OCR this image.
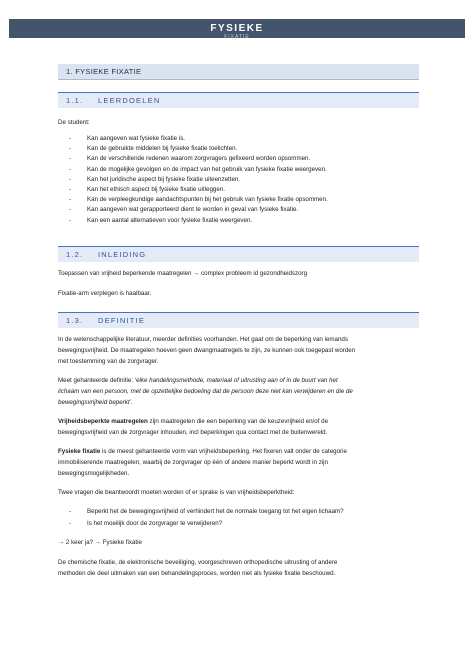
FYSIEKE
FIXATIE
1. FYSIEKE FIXATIE
1.1. LEERDOELEN
De student:
- Kan aangeven wat fysieke fixatie is.
- Kan de gebruikte middelen bij fysieke fixatie toelichten.
- Kan de verschillende redenen waarom zorgvragers gefixeerd worden opsommen.
- Kan de mogelijke gevolgen en de impact van het gebruik van fysieke fixatie weergeven.
- Kan het juridische aspect bij fysieke fixatie uiteenzetten.
- Kan het ethisch aspect bij fysieke fixatie uitleggen.
- Kan de verpleegkundige aandachtspunten bij het gebruik van fysieke fixatie opsommen.
- Kan aangeven wat gerapporteerd dient te worden in geval van fysieke fixatie.
- Kan een aantal alternatieven voor fysieke fixatie weergeven.
1.2. INLEIDING
Toepassen van vrijheid beperkende maatregelen → complex probleem id gezondheidszorg
Fixatie-arm verplegen is haalbaar.
1.3. DEFINITIE
In de wetenschappelijke literatuur, meerder definities voorhanden. Het gaat om de beperking van iemands
bewegingsvrijheid. De maatregelen hoeven geen dwangmaatregels te zijn, ze kunnen ook toegepast worden
met toestemming van de zorgvrager.
Meet gehanteerde definitie: ‘elke handelingsmethode, materiaal of uitrusting aan of in de buurt van het
lichaam van een persoon, met de opzettelijke bedoeling dat de persoon deze niet kan verwijderen en die de
bewegingsvrijheid beperkt’.
Vrijheidsbeperkte maatregelen zijn maatregelen die een beperking van de keuzevrijheid en/of de
bewegingsvrijheid van de zorgvrager inhouden, incl beperkingen qua contact met de buitenwereld.
Fysieke fixatie is de meest gehanteerde vorm van vrijheidsbeperking. Het fixeren valt onder de categorie
immobiliserende maatregelen, waarbij de zorgvrager op één of andere manier beperkt wordt in zijn
bewegingsmogelijkheden.
Twee vragen die beantwoordt moeten worden of er sprake is van vrijheidsbeperktheid:
- Beperkt het de bewegingsvrijheid of verhindert het de normale toegang tot het eigen lichaam?
- Is het moeilijk door de zorgvrager te verwijderen?
→ 2 keer ja? → Fysieke fixatie
De chemische fixatie, de elektronische beveiliging, voorgeschreven orthopedische uitrusting of andere
methoden die deel uitmaken van een behandelingsproces, worden niet als fysieke fixatie beschouwd.
